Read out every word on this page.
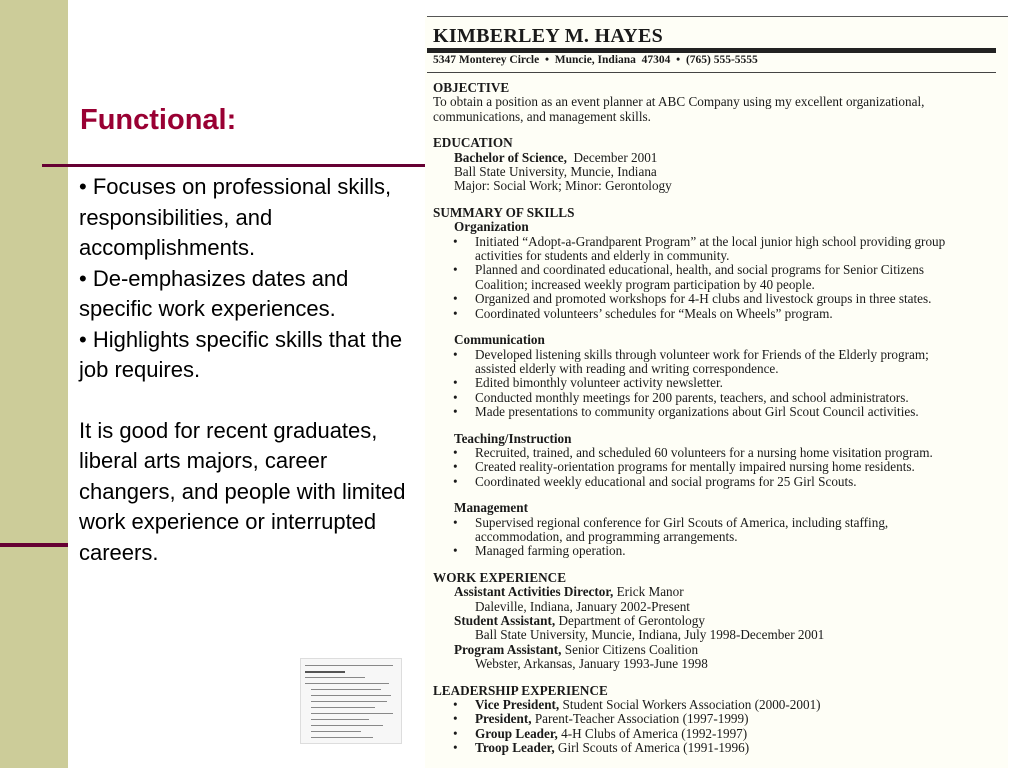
Functional:

• Focuses on professional skills, responsibilities, and accomplishments.

• De-emphasizes dates and specific work experiences.

• Highlights specific skills that the job requires.

It is good for recent graduates, liberal arts majors, career changers, and people with limited work experience or interrupted careers.

KIMBERLEY M. HAYES
5347 Monterey Circle  •  Muncie, Indiana  47304  •  (765) 555-5555
OBJECTIVE
To obtain a position as an event planner at ABC Company using my excellent organizational,
communications, and management skills.
EDUCATION
Bachelor of Science, December 2001
Ball State University, Muncie, Indiana
Major: Social Work; Minor: Gerontology
SUMMARY OF SKILLS
Organization
• Initiated “Adopt-a-Grandparent Program” at the local junior high school providing group
activities for students and elderly in community.
• Planned and coordinated educational, health, and social programs for Senior Citizens
Coalition; increased weekly program participation by 40 people.
• Organized and promoted workshops for 4-H clubs and livestock groups in three states.
• Coordinated volunteers’ schedules for “Meals on Wheels” program.
Communication
• Developed listening skills through volunteer work for Friends of the Elderly program;
assisted elderly with reading and writing correspondence.
• Edited bimonthly volunteer activity newsletter.
• Conducted monthly meetings for 200 parents, teachers, and school administrators.
• Made presentations to community organizations about Girl Scout Council activities.
Teaching/Instruction
• Recruited, trained, and scheduled 60 volunteers for a nursing home visitation program.
• Created reality-orientation programs for mentally impaired nursing home residents.
• Coordinated weekly educational and social programs for 25 Girl Scouts.
Management
• Supervised regional conference for Girl Scouts of America, including staffing,
accommodation, and programming arrangements.
• Managed farming operation.
WORK EXPERIENCE
Assistant Activities Director, Erick Manor
Daleville, Indiana, January 2002-Present
Student Assistant, Department of Gerontology
Ball State University, Muncie, Indiana, July 1998-December 2001
Program Assistant, Senior Citizens Coalition
Webster, Arkansas, January 1993-June 1998
LEADERSHIP EXPERIENCE
• Vice President, Student Social Workers Association (2000-2001)
• President, Parent-Teacher Association (1997-1999)
• Group Leader, 4-H Clubs of America (1992-1997)
• Troop Leader, Girl Scouts of America (1991-1996)
